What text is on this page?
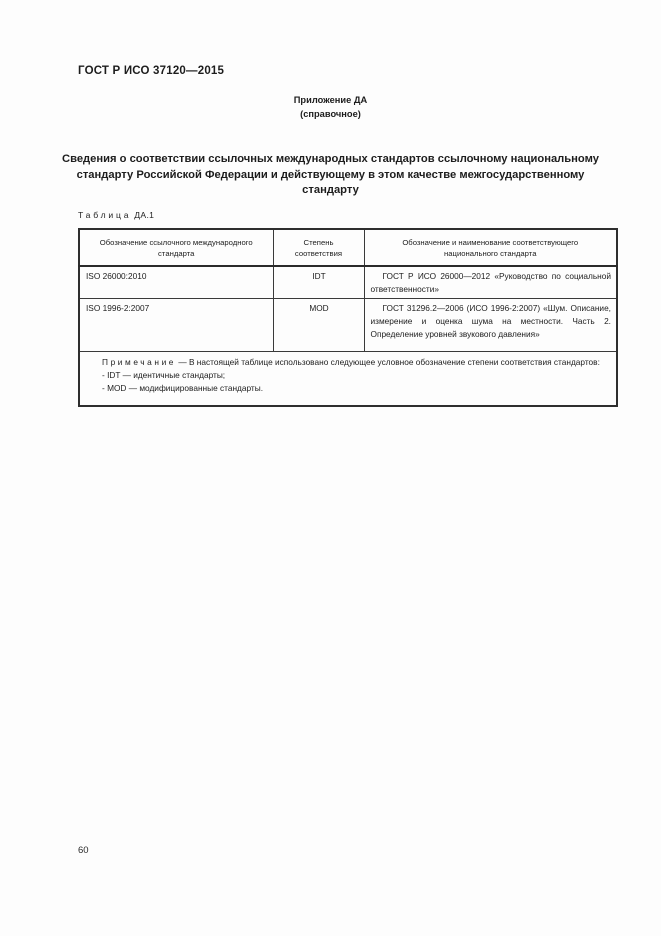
ГОСТ Р ИСО 37120—2015
Приложение ДА
(справочное)
Сведения о соответствии ссылочных международных стандартов ссылочному национальному стандарту Российской Федерации и действующему в этом качестве межгосударственному стандарту
Таблица ДА.1
Обозначение ссылочного международного стандарта	Степень соответствия	Обозначение и наименование соответствующего национального стандарта
ISO 26000:2010	IDT	ГОСТ Р ИСО 26000—2012 «Руководство по социальной ответственности»
ISO 1996-2:2007	MOD	ГОСТ 31296.2—2006 (ИСО 1996-2:2007) «Шум. Описание, измерение и оценка шума на местности. Часть 2. Определение уровней звукового давления»

Примечание — В настоящей таблице использовано следующее условное обозначение степени соответствия стандартов:
- IDT — идентичные стандарты;
- MOD — модифицированные стандарты.		
60
